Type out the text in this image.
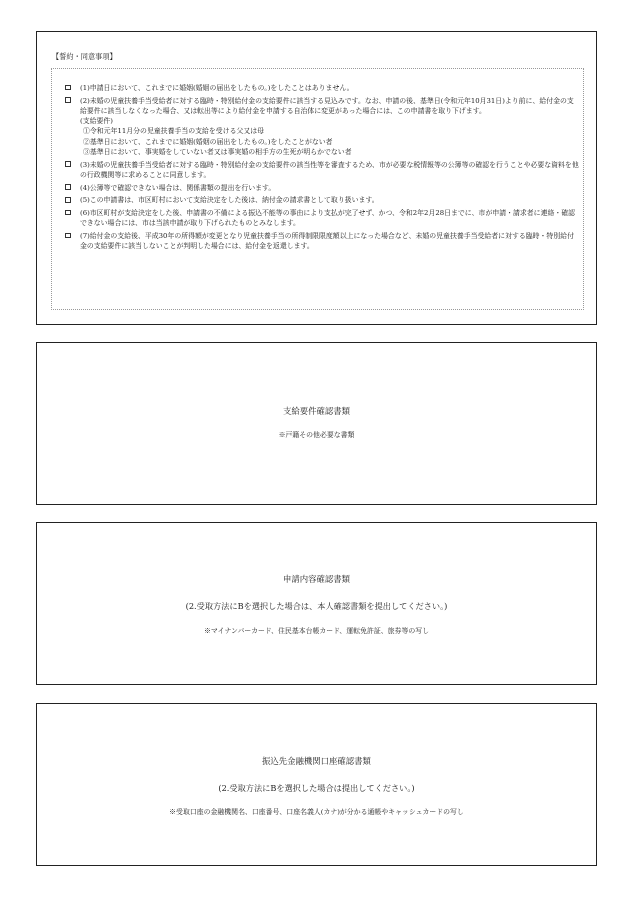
【誓約・同意事項】
(1)申請日において、これまでに婚姻(婚姻の届出をしたもの。)をしたことはありません。
(2)未婚の児童扶養手当受給者に対する臨時・特別給付金の支給要件に該当する見込みです。なお、申請の後、基準日(令和元年10月31日)より前に、給付金の支給要件に該当しなくなった場合、又は転出等により給付金を申請する自治体に変更があった場合には、この申請書を取り下げます。
(支給要件)
①令和元年11月分の児童扶養手当の支給を受ける父又は母
②基準日において、これまでに婚姻(婚姻の届出をしたもの。)をしたことがない者
③基準日において、事実婚をしていない者又は事実婚の相手方の生死が明らかでない者
(3)未婚の児童扶養手当受給者に対する臨時・特別給付金の支給要件の該当性等を審査するため、市が必要な税情報等の公簿等の確認を行うことや必要な資料を他の行政機関等に求めることに同意します。
(4)公簿等で確認できない場合は、関係書類の提出を行います。
(5)この申請書は、市区町村において支給決定をした後は、納付金の請求書として取り扱います。
(6)市区町村が支給決定をした後、申請書の不備による振込不能等の事由により支払が完了せず、かつ、令和2年2月28日までに、市が申請・請求者に連絡・確認できない場合には、市は当該申請が取り下げられたものとみなします。
(7)給付金の支給後、平成30年の所得額が変更となり児童扶養手当の所得制限限度額以上になった場合など、未婚の児童扶養手当受給者に対する臨時・特別給付金の支給要件に該当しないことが判明した場合には、給付金を返還します。
支給要件確認書類
※戸籍その他必要な書類
申請内容確認書類
(2.受取方法にBを選択した場合は、本人確認書類を提出してください。)
※マイナンバーカード、住民基本台帳カード、運転免許証、旅券等の写し
振込先金融機関口座確認書類
(2.受取方法にBを選択した場合は提出してください。)
※受取口座の金融機関名、口座番号、口座名義人(カナ)が分かる通帳やキャッシュカードの写し
